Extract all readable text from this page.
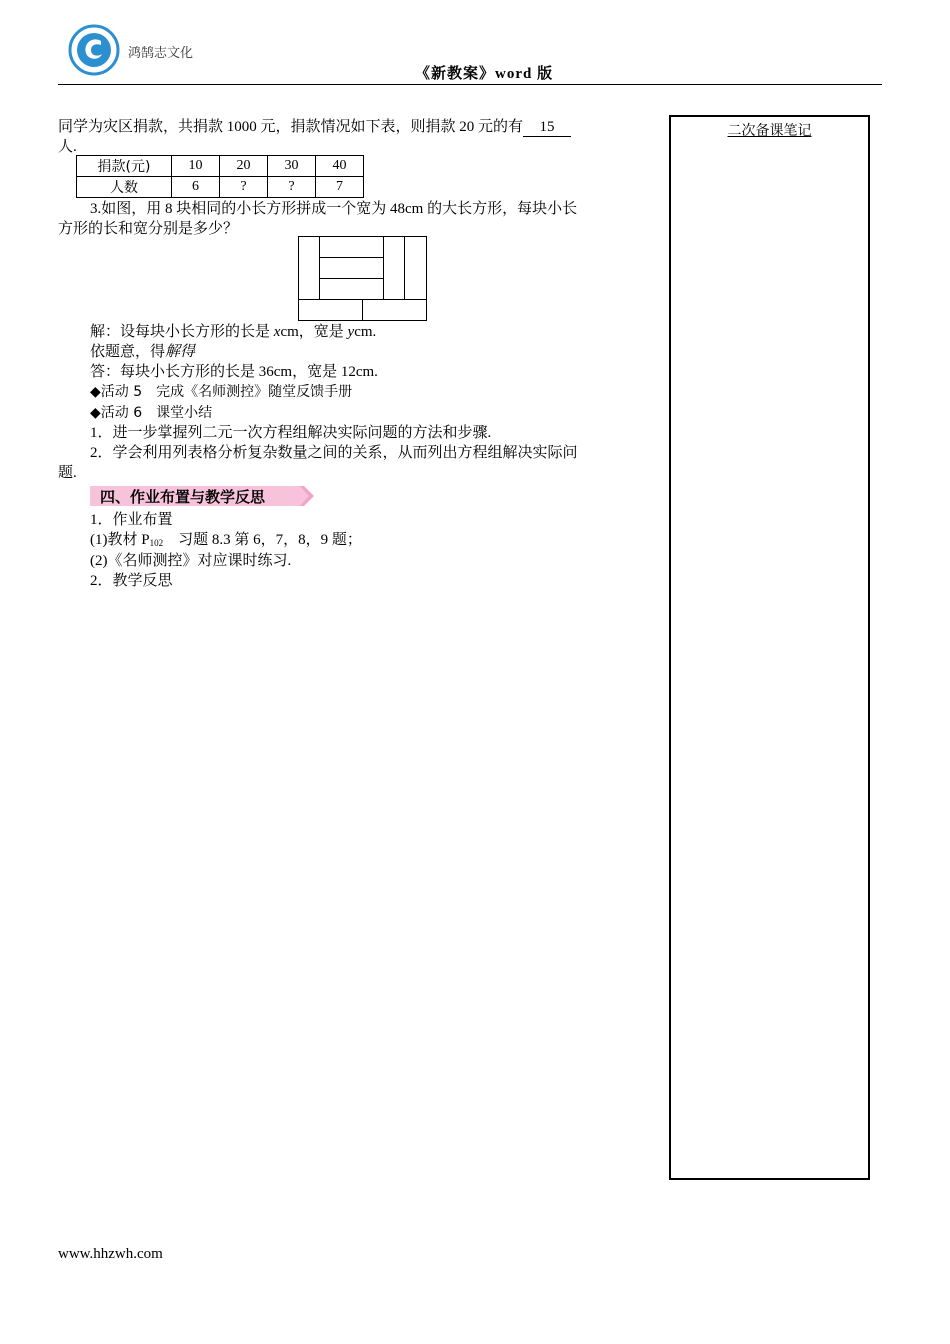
鸿鹄志文化
《新教案》word 版
同学为灾区捐款，共捐款 1000 元，捐款情况如下表，则捐款 20 元的有 15
人.
捐款(元)	10	20	30	40
人数	6	?	?	7
3.如图，用 8 块相同的小长方形拼成一个宽为 48cm 的大长方形，每块小长
方形的长和宽分别是多少？
解：设每块小长方形的长是 xcm，宽是 ycm.
依题意，得解得
答：每块小长方形的长是 36cm，宽是 12cm.
◆活动 5　完成《名师测控》随堂反馈手册
◆活动 6　课堂小结
1．进一步掌握列二元一次方程组解决实际问题的方法和步骤.
2．学会利用列表格分析复杂数量之间的关系，从而列出方程组解决实际问
题.
四、作业布置与教学反思
1．作业布置
(1)教材 $P_{102}$　习题 8.3 第 6，7，8，9 题；
(2)《名师测控》对应课时练习.
2．教学反思
二次备课笔记
www.hhzwh.com
